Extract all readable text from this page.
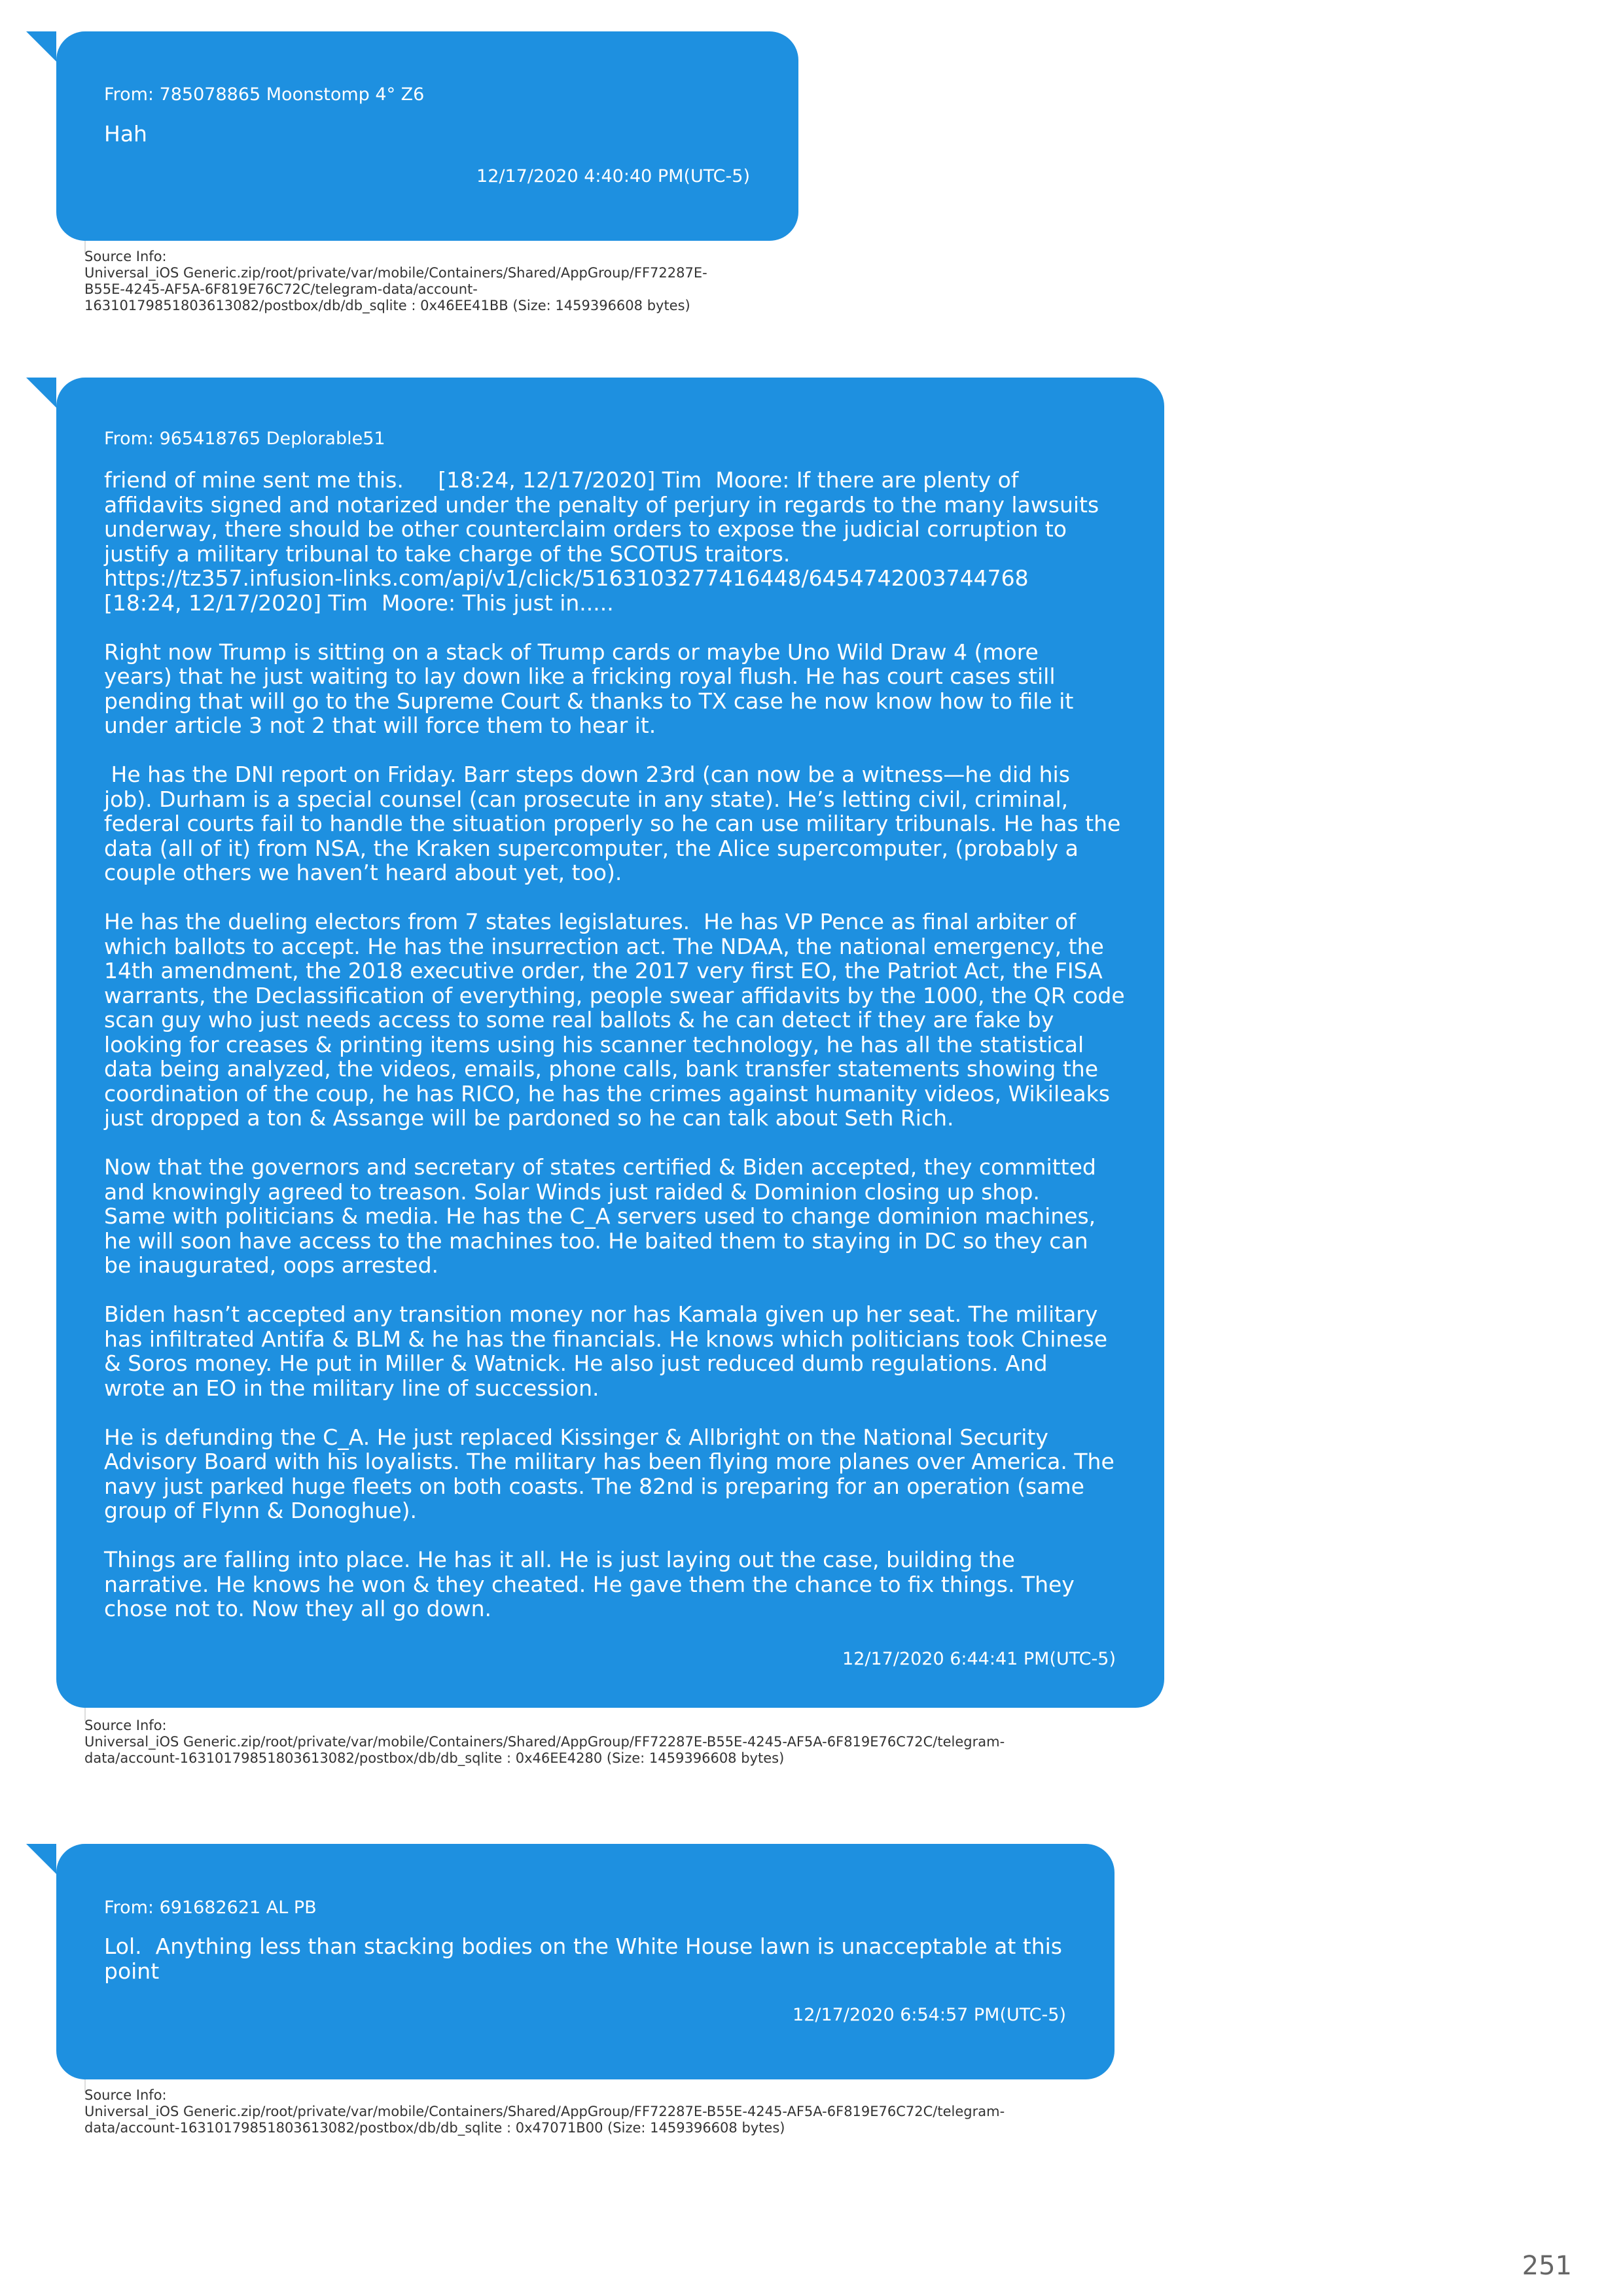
From: 785078865 Moonstomp 4° Z6
Hah
12/17/2020 4:40:40 PM(UTC-5)
Source Info:
Universal_iOS Generic.zip/root/private/var/mobile/Containers/Shared/AppGroup/FF72287E-
B55E-4245-AF5A-6F819E76C72C/telegram-data/account-
16310179851803613082/postbox/db/db_sqlite : 0x46EE41BB (Size: 1459396608 bytes)
From: 965418765 Deplorable51
friend of mine sent me this.     [18:24, 12/17/2020] Tim  Moore: If there are plenty of
affidavits signed and notarized under the penalty of perjury in regards to the many lawsuits
underway, there should be other counterclaim orders to expose the judicial corruption to
justify a military tribunal to take charge of the SCOTUS traitors.
https://tz357.infusion-links.com/api/v1/click/5163103277416448/6454742003744768
[18:24, 12/17/2020] Tim  Moore: This just in.....

Right now Trump is sitting on a stack of Trump cards or maybe Uno Wild Draw 4 (more
years) that he just waiting to lay down like a fricking royal flush. He has court cases still
pending that will go to the Supreme Court & thanks to TX case he now know how to file it
under article 3 not 2 that will force them to hear it.

He has the DNI report on Friday. Barr steps down 23rd (can now be a witness—he did his
job). Durham is a special counsel (can prosecute in any state). He’s letting civil, criminal,
federal courts fail to handle the situation properly so he can use military tribunals. He has the
data (all of it) from NSA, the Kraken supercomputer, the Alice supercomputer, (probably a
couple others we haven’t heard about yet, too).

He has the dueling electors from 7 states legislatures.  He has VP Pence as final arbiter of
which ballots to accept. He has the insurrection act. The NDAA, the national emergency, the
14th amendment, the 2018 executive order, the 2017 very first EO, the Patriot Act, the FISA
warrants, the Declassification of everything, people swear affidavits by the 1000, the QR code
scan guy who just needs access to some real ballots & he can detect if they are fake by
looking for creases & printing items using his scanner technology, he has all the statistical
data being analyzed, the videos, emails, phone calls, bank transfer statements showing the
coordination of the coup, he has RICO, he has the crimes against humanity videos, Wikileaks
just dropped a ton & Assange will be pardoned so he can talk about Seth Rich.

Now that the governors and secretary of states certified & Biden accepted, they committed
and knowingly agreed to treason. Solar Winds just raided & Dominion closing up shop.
Same with politicians & media. He has the C_A servers used to change dominion machines,
he will soon have access to the machines too. He baited them to staying in DC so they can
be inaugurated, oops arrested.

Biden hasn’t accepted any transition money nor has Kamala given up her seat. The military
has infiltrated Antifa & BLM & he has the financials. He knows which politicians took Chinese
& Soros money. He put in Miller & Watnick. He also just reduced dumb regulations. And
wrote an EO in the military line of succession.

He is defunding the C_A. He just replaced Kissinger & Allbright on the National Security
Advisory Board with his loyalists. The military has been flying more planes over America. The
navy just parked huge fleets on both coasts. The 82nd is preparing for an operation (same
group of Flynn & Donoghue).

Things are falling into place. He has it all. He is just laying out the case, building the
narrative. He knows he won & they cheated. He gave them the chance to fix things. They
chose not to. Now they all go down.
12/17/2020 6:44:41 PM(UTC-5)
Source Info:
Universal_iOS Generic.zip/root/private/var/mobile/Containers/Shared/AppGroup/FF72287E-B55E-4245-AF5A-6F819E76C72C/telegram-
data/account-16310179851803613082/postbox/db/db_sqlite : 0x46EE4280 (Size: 1459396608 bytes)
From: 691682621 AL PB
Lol.  Anything less than stacking bodies on the White House lawn is unacceptable at this
point
12/17/2020 6:54:57 PM(UTC-5)
Source Info:
Universal_iOS Generic.zip/root/private/var/mobile/Containers/Shared/AppGroup/FF72287E-B55E-4245-AF5A-6F819E76C72C/telegram-
data/account-16310179851803613082/postbox/db/db_sqlite : 0x47071B00 (Size: 1459396608 bytes)
251
